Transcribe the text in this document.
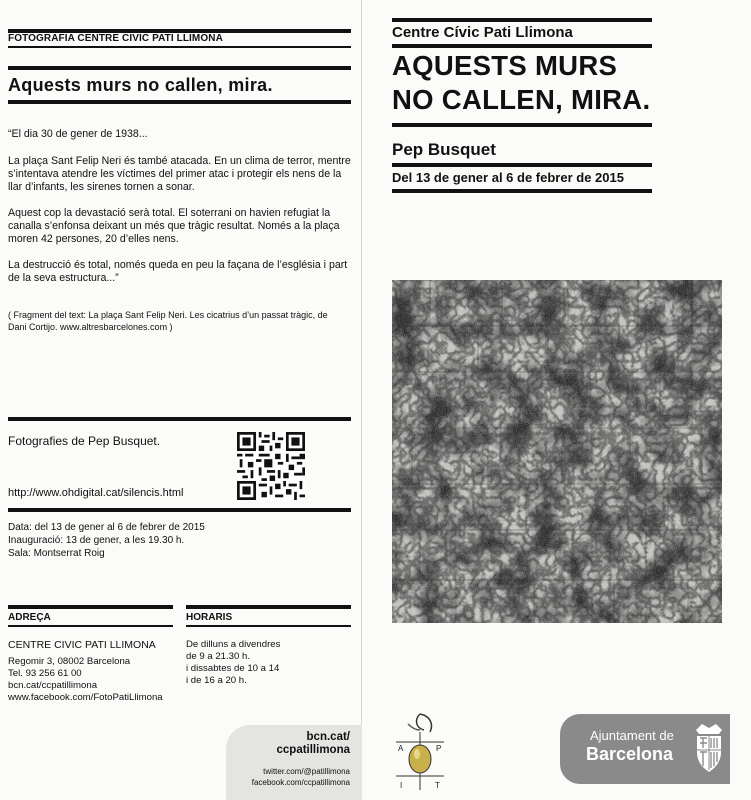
FOTOGRAFIA CENTRE CIVIC PATI LLIMONA
Aquests murs no callen, mira.
“El dia 30 de gener de 1938...
La plaça Sant Felip Neri és també atacada. En un clima de terror, mentre
s’intentava atendre les víctimes del primer atac i protegir els nens de la
llar d’infants, les sirenes tornen a sonar.
Aquest cop la devastació serà total. El soterrani on havien refugiat la
canalla s’enfonsa deixant un més que tràgic resultat. Només a la plaça
moren 42 persones, 20 d’elles nens.
La destrucció és total, només queda en peu la façana de l’església i part
de la seva estructura...”
( Fragment del text: La plaça Sant Felip Neri. Les cicatrius d’un passat tràgic, de
Dani Cortijo. www.altresbarcelones.com )
Fotografies de Pep Busquet.
http://www.ohdigital.cat/silencis.html
Data: del 13 de gener al 6 de febrer de 2015
Inauguració: 13 de gener, a les 19.30 h.
Sala: Montserrat Roig
ADREÇA
CENTRE CIVIC PATI LLIMONA
Regomir 3, 08002 Barcelona
Tel. 93 256 61 00
bcn.cat/ccpatillimona
www.facebook.com/FotoPatiLlimona
HORARIS
De dilluns a divendres
de 9 a 21.30 h.
i dissabtes de 10 a 14
i de 16 a 20 h.
bcn.cat/
ccpatillimona
twitter.com/@patillimona
facebook.com/ccpatillimona
Centre Cívic Pati Llimona
AQUESTS MURS
NO CALLEN, MIRA.
Pep Busquet
Del 13 de gener al 6 de febrer de 2015
A	P
I	T
Ajuntament de
Barcelona
